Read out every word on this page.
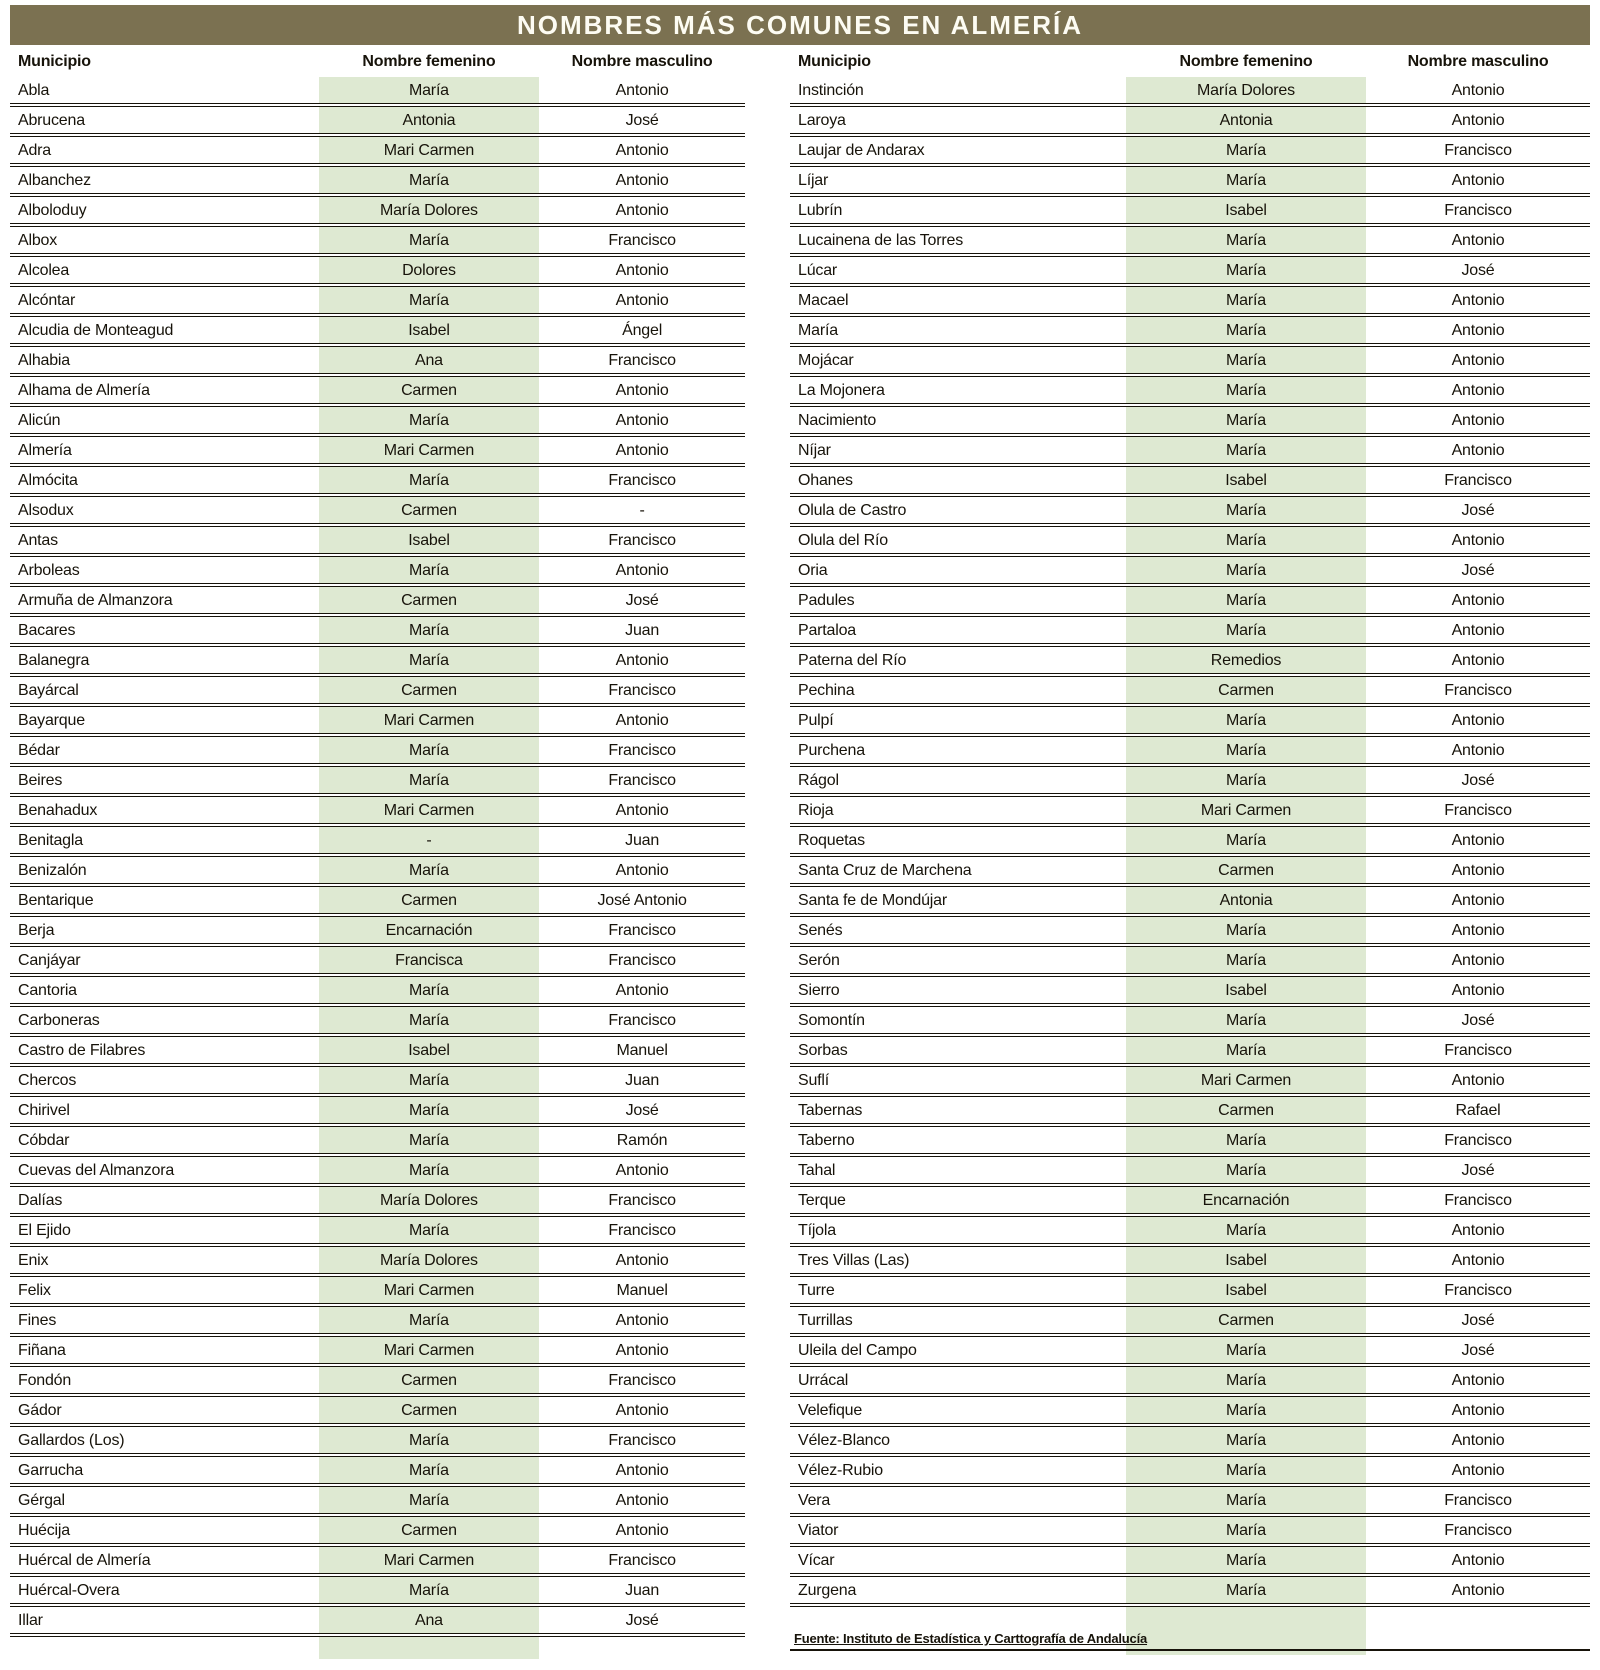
NOMBRES MÁS COMUNES EN ALMERÍA
Municipio	Nombre femenino	Nombre masculino
Abla	María	Antonio
Abrucena	Antonia	José
Adra	Mari Carmen	Antonio
Albanchez	María	Antonio
Alboloduy	María Dolores	Antonio
Albox	María	Francisco
Alcolea	Dolores	Antonio
Alcóntar	María	Antonio
Alcudia de Monteagud	Isabel	Ángel
Alhabia	Ana	Francisco
Alhama de Almería	Carmen	Antonio
Alicún	María	Antonio
Almería	Mari Carmen	Antonio
Almócita	María	Francisco
Alsodux	Carmen	-
Antas	Isabel	Francisco
Arboleas	María	Antonio
Armuña de Almanzora	Carmen	José
Bacares	María	Juan
Balanegra	María	Antonio
Bayárcal	Carmen	Francisco
Bayarque	Mari Carmen	Antonio
Bédar	María	Francisco
Beires	María	Francisco
Benahadux	Mari Carmen	Antonio
Benitagla	-	Juan
Benizalón	María	Antonio
Bentarique	Carmen	José Antonio
Berja	Encarnación	Francisco
Canjáyar	Francisca	Francisco
Cantoria	María	Antonio
Carboneras	María	Francisco
Castro de Filabres	Isabel	Manuel
Chercos	María	Juan
Chirivel	María	José
Cóbdar	María	Ramón
Cuevas del Almanzora	María	Antonio
Dalías	María Dolores	Francisco
El Ejido	María	Francisco
Enix	María Dolores	Antonio
Felix	Mari Carmen	Manuel
Fines	María	Antonio
Fiñana	Mari Carmen	Antonio
Fondón	Carmen	Francisco
Gádor	Carmen	Antonio
Gallardos (Los)	María	Francisco
Garrucha	María	Antonio
Gérgal	María	Antonio
Huécija	Carmen	Antonio
Huércal de Almería	Mari Carmen	Francisco
Huércal-Overa	María	Juan
Illar	Ana	José

Municipio	Nombre femenino	Nombre masculino
Instinción	María Dolores	Antonio
Laroya	Antonia	Antonio
Laujar de Andarax	María	Francisco
Líjar	María	Antonio
Lubrín	Isabel	Francisco
Lucainena de las Torres	María	Antonio
Lúcar	María	José
Macael	María	Antonio
María	María	Antonio
Mojácar	María	Antonio
La Mojonera	María	Antonio
Nacimiento	María	Antonio
Níjar	María	Antonio
Ohanes	Isabel	Francisco
Olula de Castro	María	José
Olula del Río	María	Antonio
Oria	María	José
Padules	María	Antonio
Partaloa	María	Antonio
Paterna del Río	Remedios	Antonio
Pechina	Carmen	Francisco
Pulpí	María	Antonio
Purchena	María	Antonio
Rágol	María	José
Rioja	Mari Carmen	Francisco
Roquetas	María	Antonio
Santa Cruz de Marchena	Carmen	Antonio
Santa fe de Mondújar	Antonia	Antonio
Senés	María	Antonio
Serón	María	Antonio
Sierro	Isabel	Antonio
Somontín	María	José
Sorbas	María	Francisco
Suflí	Mari Carmen	Antonio
Tabernas	Carmen	Rafael
Taberno	María	Francisco
Tahal	María	José
Terque	Encarnación	Francisco
Tíjola	María	Antonio
Tres Villas (Las)	Isabel	Antonio
Turre	Isabel	Francisco
Turrillas	Carmen	José
Uleila del Campo	María	José
Urrácal	María	Antonio
Velefique	María	Antonio
Vélez-Blanco	María	Antonio
Vélez-Rubio	María	Antonio
Vera	María	Francisco
Viator	María	Francisco
Vícar	María	Antonio
Zurgena	María	Antonio

Fuente: Instituto de Estadística y Carttografía de Andalucía
